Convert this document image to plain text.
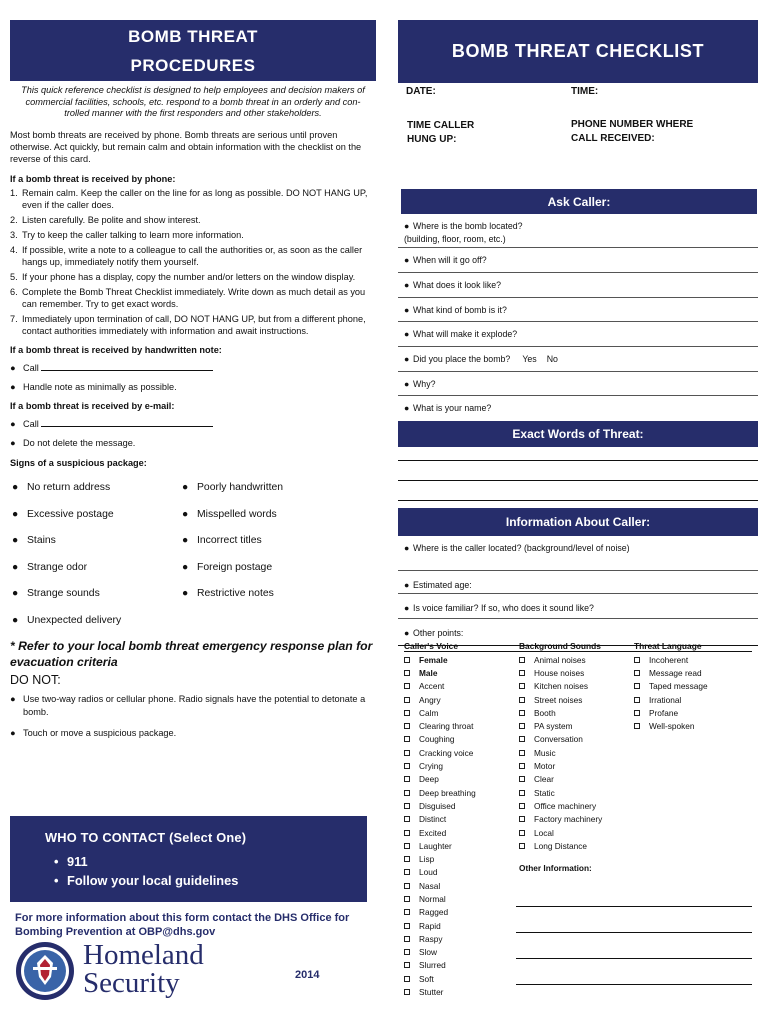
BOMB THREAT
PROCEDURES
This quick reference checklist is designed to help employees and decision makers of commercial facilities, schools, etc. respond to a bomb threat in an orderly and con-trolled manner with the first responders and other stakeholders.
Most bomb threats are received by phone. Bomb threats are serious until proven otherwise. Act quickly, but remain calm and obtain information with the checklist on the reverse of this card.
If a bomb threat is received by phone:
1. Remain calm. Keep the caller on the line for as long as possible. DO NOT HANG UP, even if the caller does.
2. Listen carefully. Be polite and show interest.
3. Try to keep the caller talking to learn more information.
4. If possible, write a note to a colleague to call the authorities or, as soon as the caller hangs up, immediately notify them yourself.
5. If your phone has a display, copy the number and/or letters on the window display.
6. Complete the Bomb Threat Checklist immediately. Write down as much detail as you can remember. Try to get exact words.
7. Immediately upon termination of call, DO NOT HANG UP, but from a different phone, contact authorities immediately with information and await instructions.
If a bomb threat is received by handwritten note:
● Call
● Handle note as minimally as possible.
If a bomb threat is received by e-mail:
● Call
● Do not delete the message.
Signs of a suspicious package:
● No return address	● Poorly handwritten
● Excessive postage	● Misspelled words
● Stains	● Incorrect titles
● Strange odor	● Foreign postage
● Strange sounds	● Restrictive notes
● Unexpected delivery
* Refer to your local bomb threat emergency response plan for evacuation criteria
DO NOT:
● Use two-way radios or cellular phone. Radio signals have the potential to detonate a bomb.
● Touch or move a suspicious package.
WHO TO CONTACT (Select One)
• 911
• Follow your local guidelines
For more information about this form contact the DHS Office for Bombing Prevention at OBP@dhs.gov
Homeland
Security	2014
BOMB THREAT CHECKLIST
DATE:	TIME:
TIME CALLER
HUNG UP:
PHONE NUMBER WHERE
CALL RECEIVED:
Ask Caller:
● Where is the bomb located?
(building, floor, room, etc.)
● When will it go off?
● What does it look like?
● What kind of bomb is it?
● What will make it explode?
● Did you place the bomb? Yes No
● Why?
● What is your name?
Exact Words of Threat:
Information About Caller:
● Where is the caller located? (background/level of noise)
● Estimated age:
● Is voice familiar? If so, who does it sound like?
● Other points:
Caller's Voice
Female
Male
Accent
Angry
Calm
Clearing throat
Coughing
Cracking voice
Crying
Deep
Deep breathing
Disguised
Distinct
Excited
Laughter
Lisp
Loud
Nasal
Normal
Ragged
Rapid
Raspy
Slow
Slurred
Soft
Stutter
Background Sounds
Animal noises
House noises
Kitchen noises
Street noises
Booth
PA system
Conversation
Music
Motor
Clear
Static
Office machinery
Factory machinery
Local
Long Distance
Other Information:
Threat Language
Incoherent
Message read
Taped message
Irrational
Profane
Well-spoken
